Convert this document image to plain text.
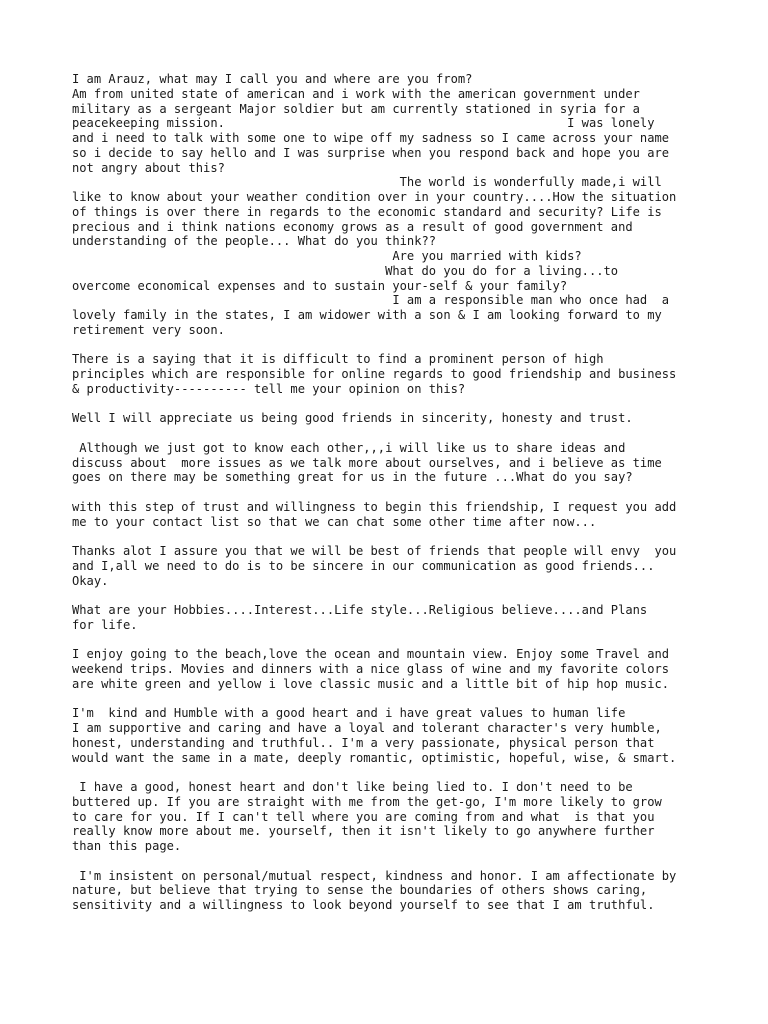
I am Arauz, what may I call you and where are you from?
Am from united state of american and i work with the american government under
military as a sergeant Major soldier but am currently stationed in syria for a
peacekeeping mission.                                               I was lonely
and i need to talk with some one to wipe off my sadness so I came across your name
so i decide to say hello and I was surprise when you respond back and hope you are
not angry about this?
The world is wonderfully made,i will
like to know about your weather condition over in your country....How the situation
of things is over there in regards to the economic standard and security? Life is
precious and i think nations economy grows as a result of good government and
understanding of the people... What do you think??
Are you married with kids?
What do you do for a living...to
overcome economical expenses and to sustain your-self & your family?
I am a responsible man who once had  a
lovely family in the states, I am widower with a son & I am looking forward to my
retirement very soon.

There is a saying that it is difficult to find a prominent person of high
principles which are responsible for online regards to good friendship and business
& productivity---------- tell me your opinion on this?

Well I will appreciate us being good friends in sincerity, honesty and trust.

Although we just got to know each other,,,i will like us to share ideas and
discuss about  more issues as we talk more about ourselves, and i believe as time
goes on there may be something great for us in the future ...What do you say?

with this step of trust and willingness to begin this friendship, I request you add
me to your contact list so that we can chat some other time after now...

Thanks alot I assure you that we will be best of friends that people will envy  you
and I,all we need to do is to be sincere in our communication as good friends...
Okay.

What are your Hobbies....Interest...Life style...Religious believe....and Plans
for life.

I enjoy going to the beach,love the ocean and mountain view. Enjoy some Travel and
weekend trips. Movies and dinners with a nice glass of wine and my favorite colors
are white green and yellow i love classic music and a little bit of hip hop music.

I'm  kind and Humble with a good heart and i have great values to human life
I am supportive and caring and have a loyal and tolerant character's very humble,
honest, understanding and truthful.. I'm a very passionate, physical person that
would want the same in a mate, deeply romantic, optimistic, hopeful, wise, & smart.

I have a good, honest heart and don't like being lied to. I don't need to be
buttered up. If you are straight with me from the get-go, I'm more likely to grow
to care for you. If I can't tell where you are coming from and what  is that you
really know more about me. yourself, then it isn't likely to go anywhere further
than this page.

I'm insistent on personal/mutual respect, kindness and honor. I am affectionate by
nature, but believe that trying to sense the boundaries of others shows caring,
sensitivity and a willingness to look beyond yourself to see that I am truthful.
